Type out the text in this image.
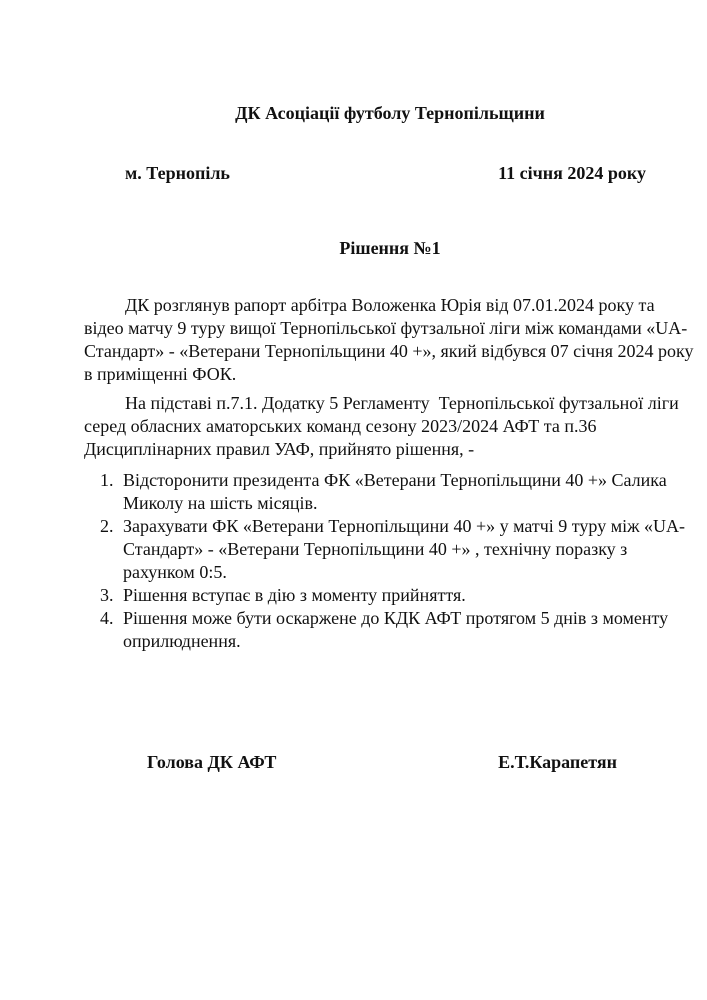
ДК Асоціації футболу Тернопільщини
м. Тернопіль	11 січня 2024 року
Рішення №1
ДК розглянув рапорт арбітра Воложенка Юрія від 07.01.2024 року та
відео матчу 9 туру вищої Тернопільської футзальної ліги між командами «UA-
Стандарт» - «Ветерани Тернопільщини 40 +», який відбувся 07 січня 2024 року
в приміщенні ФОК.
На підставі п.7.1. Додатку 5 Регламенту  Тернопільської футзальної ліги
серед обласних аматорських команд сезону 2023/2024 АФТ та п.36
Дисциплінарних правил УАФ, прийнято рішення, -
1. Відсторонити президента ФК «Ветерани Тернопільщини 40 +» Салика
Миколу на шість місяців.
2. Зарахувати ФК «Ветерани Тернопільщини 40 +» у матчі 9 туру між «UA-
Стандарт» - «Ветерани Тернопільщини 40 +» , технічну поразку з
рахунком 0:5.
3. Рішення вступає в дію з моменту прийняття.
4. Рішення може бути оскаржене до КДК АФТ протягом 5 днів з моменту
оприлюднення.
Голова ДК АФТ	Е.Т.Карапетян
